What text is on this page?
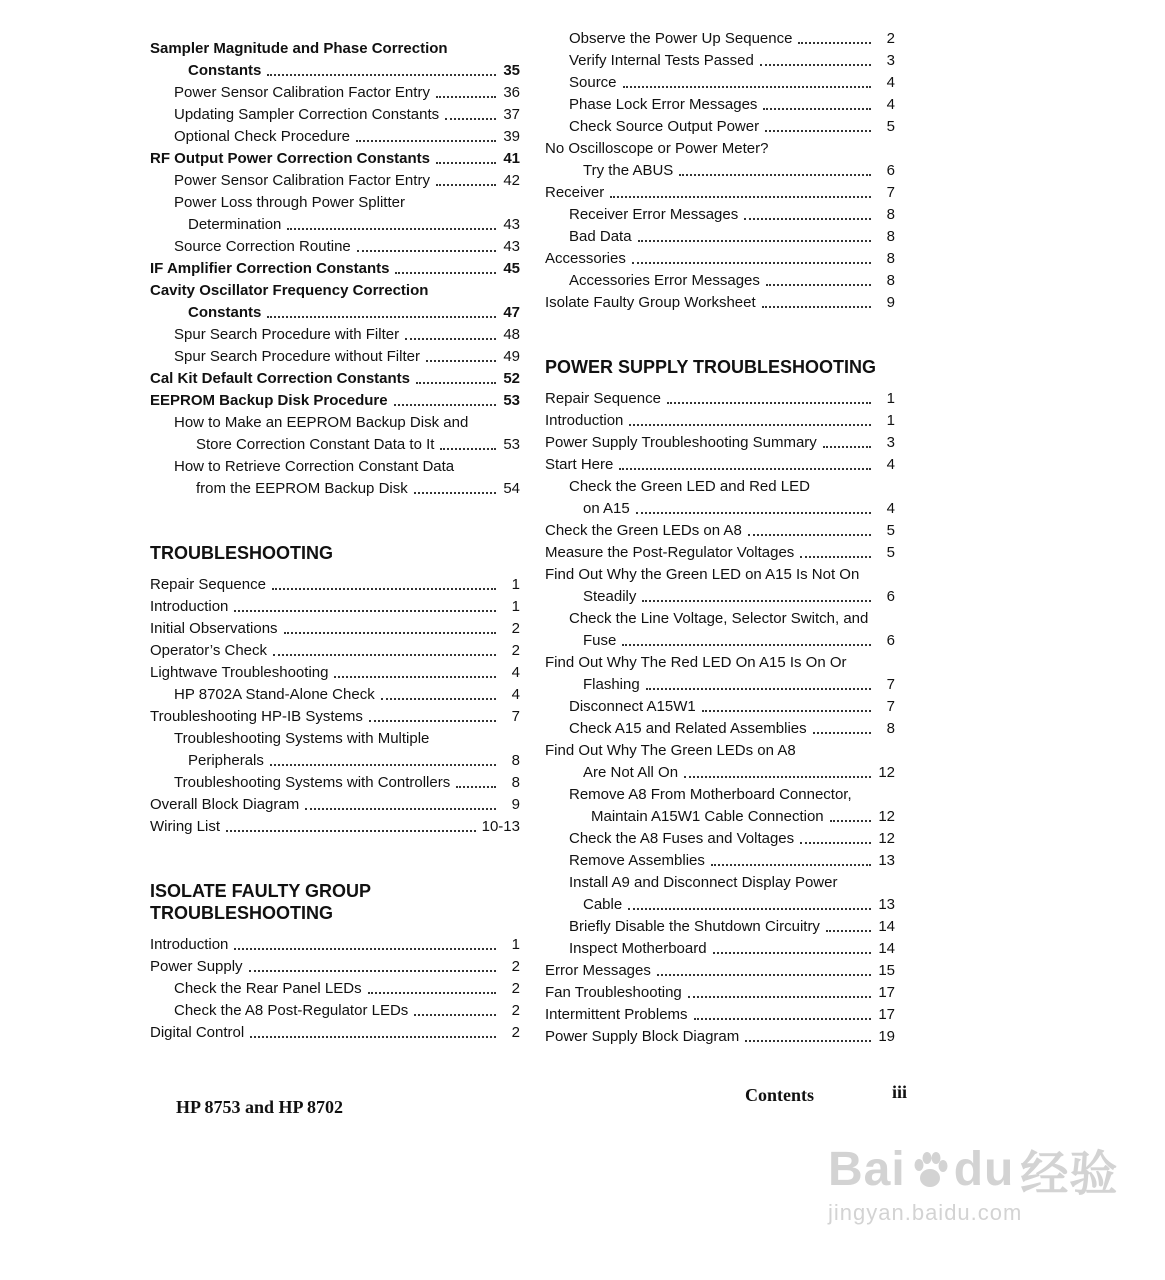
Sampler Magnitude and Phase Correction
Constants	35
Power Sensor Calibration Factor Entry	36
Updating Sampler Correction Constants	37
Optional Check Procedure	39
RF Output Power Correction Constants	41
Power Sensor Calibration Factor Entry	42
Power Loss through Power Splitter
Determination	43
Source Correction Routine	43
IF Amplifier Correction Constants	45
Cavity Oscillator Frequency Correction
Constants	47
Spur Search Procedure with Filter	48
Spur Search Procedure without Filter	49
Cal Kit Default Correction Constants	52
EEPROM Backup Disk Procedure	53
How to Make an EEPROM Backup Disk and
Store Correction Constant Data to It	53
How to Retrieve Correction Constant Data
from the EEPROM Backup Disk	54
TROUBLESHOOTING
Repair Sequence	1
Introduction	1
Initial Observations	2
Operator’s Check	2
Lightwave Troubleshooting	4
HP 8702A Stand-Alone Check	4
Troubleshooting HP-IB Systems	7
Troubleshooting Systems with Multiple
Peripherals	8
Troubleshooting Systems with Controllers	8
Overall Block Diagram	9
Wiring List	10-13
ISOLATE FAULTY GROUP
TROUBLESHOOTING
Introduction	1
Power Supply	2
Check the Rear Panel LEDs	2
Check the A8 Post-Regulator LEDs	2
Digital Control	2
Observe the Power Up Sequence	2
Verify Internal Tests Passed	3
Source	4
Phase Lock Error Messages	4
Check Source Output Power	5
No Oscilloscope or Power Meter?
Try the ABUS	6
Receiver	7
Receiver Error Messages	8
Bad Data	8
Accessories	8
Accessories Error Messages	8
Isolate Faulty Group Worksheet	9
POWER SUPPLY TROUBLESHOOTING
Repair Sequence	1
Introduction	1
Power Supply Troubleshooting Summary	3
Start Here	4
Check the Green LED and Red LED
on A15	4
Check the Green LEDs on A8	5
Measure the Post-Regulator Voltages	5
Find Out Why the Green LED on A15 Is Not On
Steadily	6
Check the Line Voltage, Selector Switch, and
Fuse	6
Find Out Why The Red LED On A15 Is On Or
Flashing	7
Disconnect A15W1	7
Check A15 and Related Assemblies	8
Find Out Why The Green LEDs on A8
Are Not All On	12
Remove A8 From Motherboard Connector,
Maintain A15W1 Cable Connection	12
Check the A8 Fuses and Voltages	12
Remove Assemblies	13
Install A9 and Disconnect Display Power
Cable	13
Briefly Disable the Shutdown Circuitry	14
Inspect Motherboard	14
Error Messages	15
Fan Troubleshooting	17
Intermittent Problems	17
Power Supply Block Diagram	19
HP 8753 and HP 8702
Contents	iii
Bai du 经验
jingyan.baidu.com
